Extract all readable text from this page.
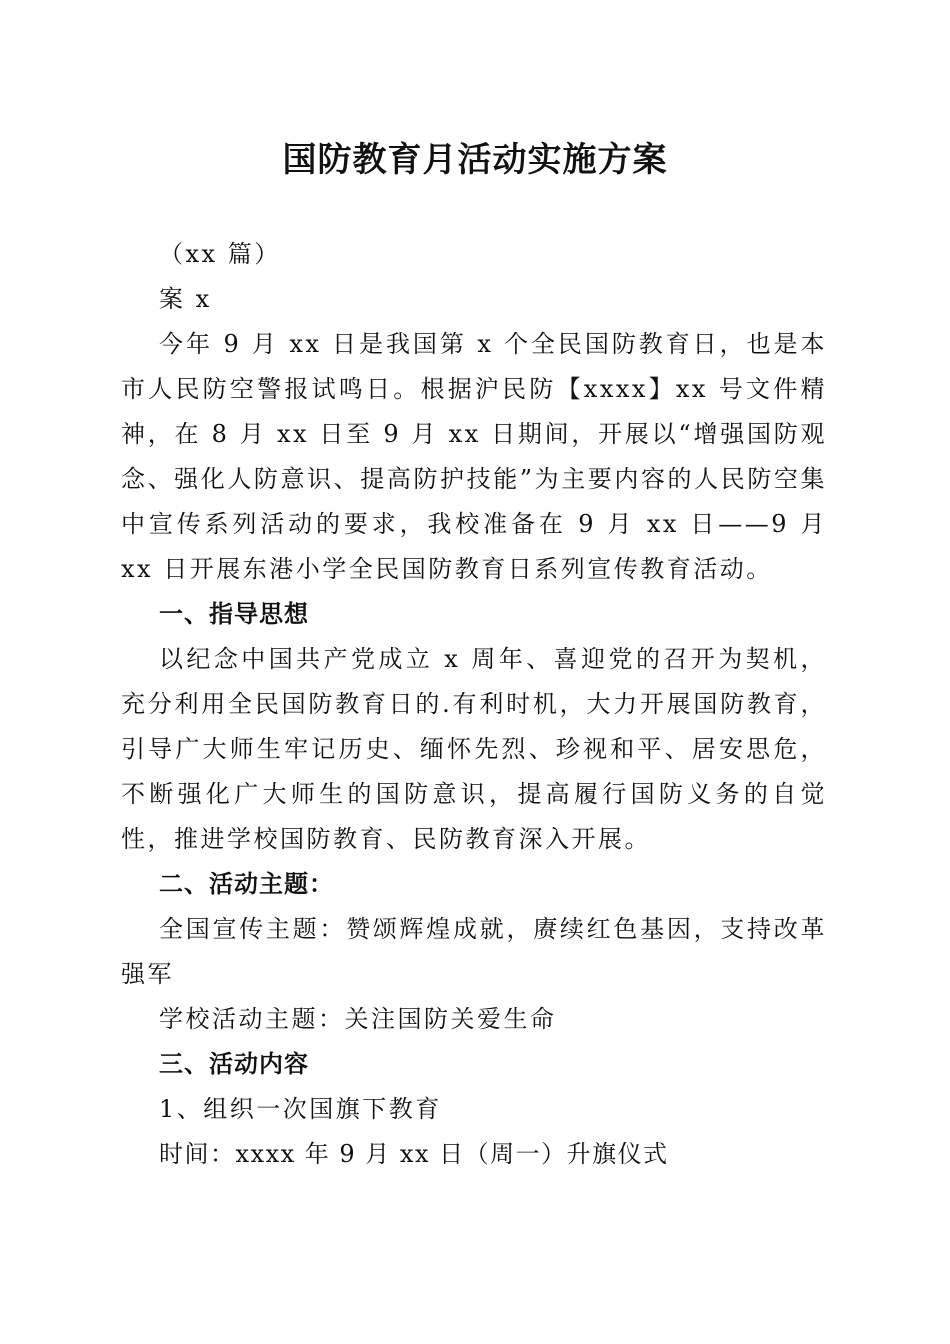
国防教育月活动实施方案

（xx 篇）

案 x

今年 9 月 xx 日是我国第 x 个全民国防教育日，也是本市人民防空警报试鸣日。根据沪民防【xxxx】xx 号文件精神，在 8 月 xx 日至 9 月 xx 日期间，开展以“增强国防观念、强化人防意识、提高防护技能”为主要内容的人民防空集中宣传系列活动的要求，我校准备在 9 月 xx 日——9 月 xx 日开展东港小学全民国防教育日系列宣传教育活动。

一、指导思想

以纪念中国共产党成立 x 周年、喜迎党的召开为契机，充分利用全民国防教育日的.有利时机，大力开展国防教育，引导广大师生牢记历史、缅怀先烈、珍视和平、居安思危，不断强化广大师生的国防意识，提高履行国防义务的自觉性，推进学校国防教育、民防教育深入开展。

二、活动主题：

全国宣传主题：赞颂辉煌成就，赓续红色基因，支持改革强军

学校活动主题：关注国防关爱生命

三、活动内容

1、组织一次国旗下教育

时间：xxxx 年 9 月 xx 日（周一）升旗仪式
